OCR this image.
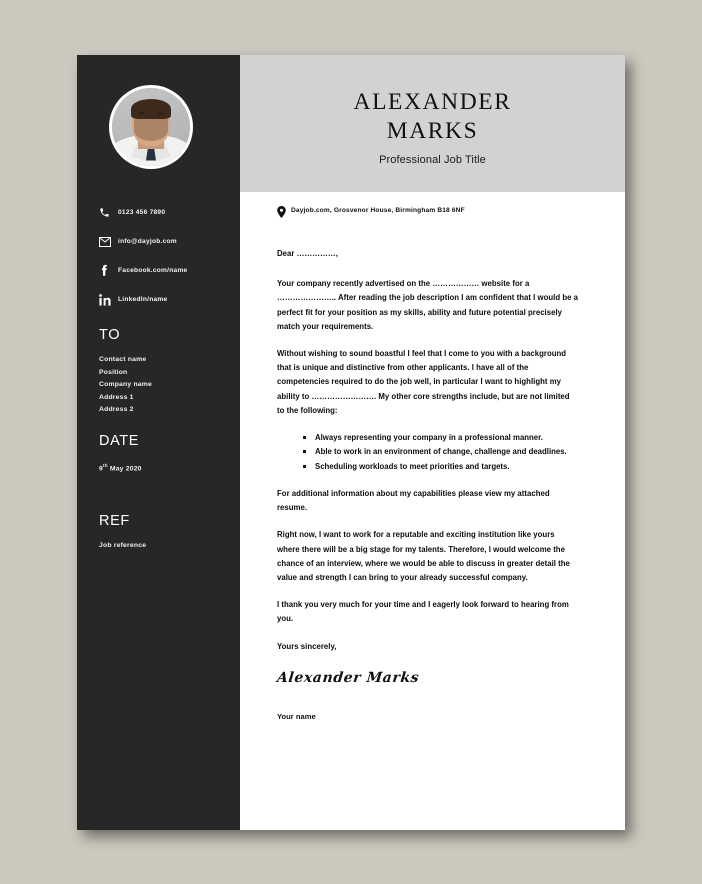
0123 456 7890
info@dayjob.com
Facebook.com/name
LinkedIn/name
TO
Contact name
Position
Company name
Address 1
Address 2
DATE
9th May 2020
REF
Job reference
ALEXANDER
MARKS
Professional Job Title
Dayjob.com, Grosvenor House, Birmingham B18 6NF

Dear ……………,

Your company recently advertised on the ……………… website for a ………………….. After reading the job description I am confident that I would be a perfect fit for your position as my skills, ability and future potential precisely match your requirements.

Without wishing to sound boastful I feel that I come to you with a background that is unique and distinctive from other applicants. I have all of the competencies required to do the job well, in particular I want to highlight my ability to ……………………. My other core strengths include, but are not limited to the following:

Always representing your company in a professional manner.
Able to work in an environment of change, challenge and deadlines.
Scheduling workloads to meet priorities and targets.

For additional information about my capabilities please view my attached resume.

Right now, I want to work for a reputable and exciting institution like yours where there will be a big stage for my talents. Therefore, I would welcome the chance of an interview, where we would be able to discuss in greater detail the value and strength I can bring to your already successful company.

I thank you very much for your time and I eagerly look forward to hearing from you.

Yours sincerely,

Alexander Marks
Your name
